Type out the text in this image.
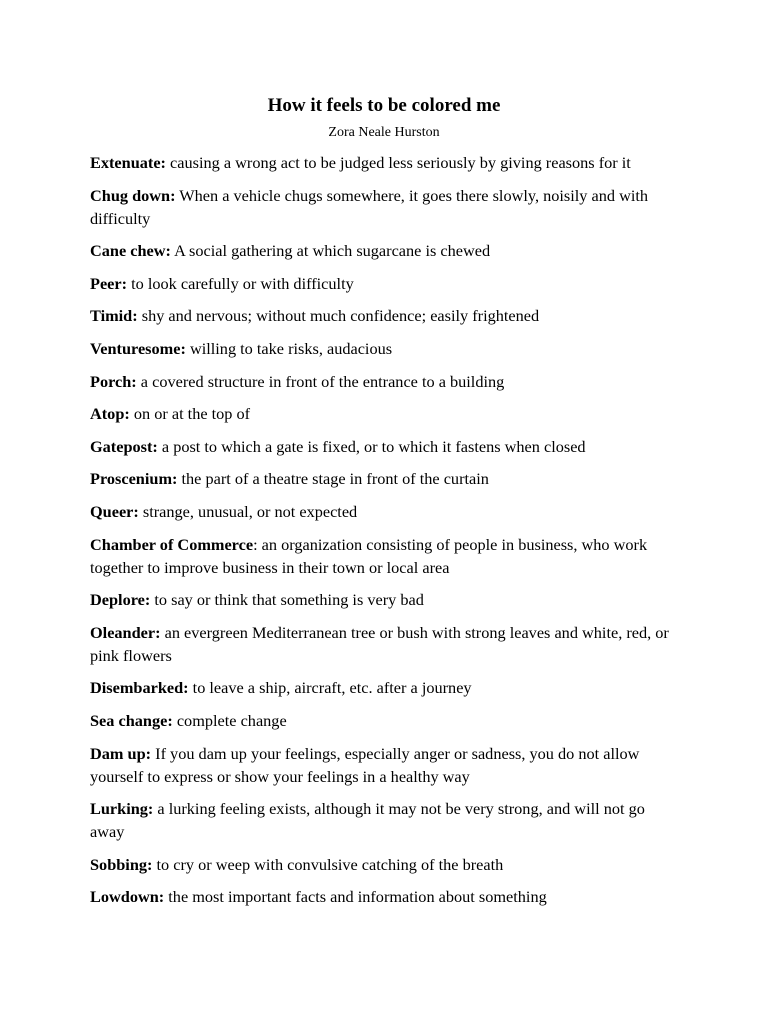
How it feels to be colored me
Zora Neale Hurston

Extenuate: causing a wrong act to be judged less seriously by giving reasons for it

Chug down: When a vehicle chugs somewhere, it goes there slowly, noisily and with difficulty

Cane chew: A social gathering at which sugarcane is chewed

Peer: to look carefully or with difficulty

Timid: shy and nervous; without much confidence; easily frightened

Venturesome: willing to take risks, audacious

Porch: a covered structure in front of the entrance to a building

Atop: on or at the top of

Gatepost: a post to which a gate is fixed, or to which it fastens when closed

Proscenium: the part of a theatre stage in front of the curtain

Queer: strange, unusual, or not expected

Chamber of Commerce: an organization consisting of people in business, who work together to improve business in their town or local area

Deplore: to say or think that something is very bad

Oleander: an evergreen Mediterranean tree or bush with strong leaves and white, red, or pink flowers

Disembarked: to leave a ship, aircraft, etc. after a journey

Sea change: complete change

Dam up: If you dam up your feelings, especially anger or sadness, you do not allow yourself to express or show your feelings in a healthy way

Lurking: a lurking feeling exists, although it may not be very strong, and will not go away

Sobbing: to cry or weep with convulsive catching of the breath

Lowdown: the most important facts and information about something
